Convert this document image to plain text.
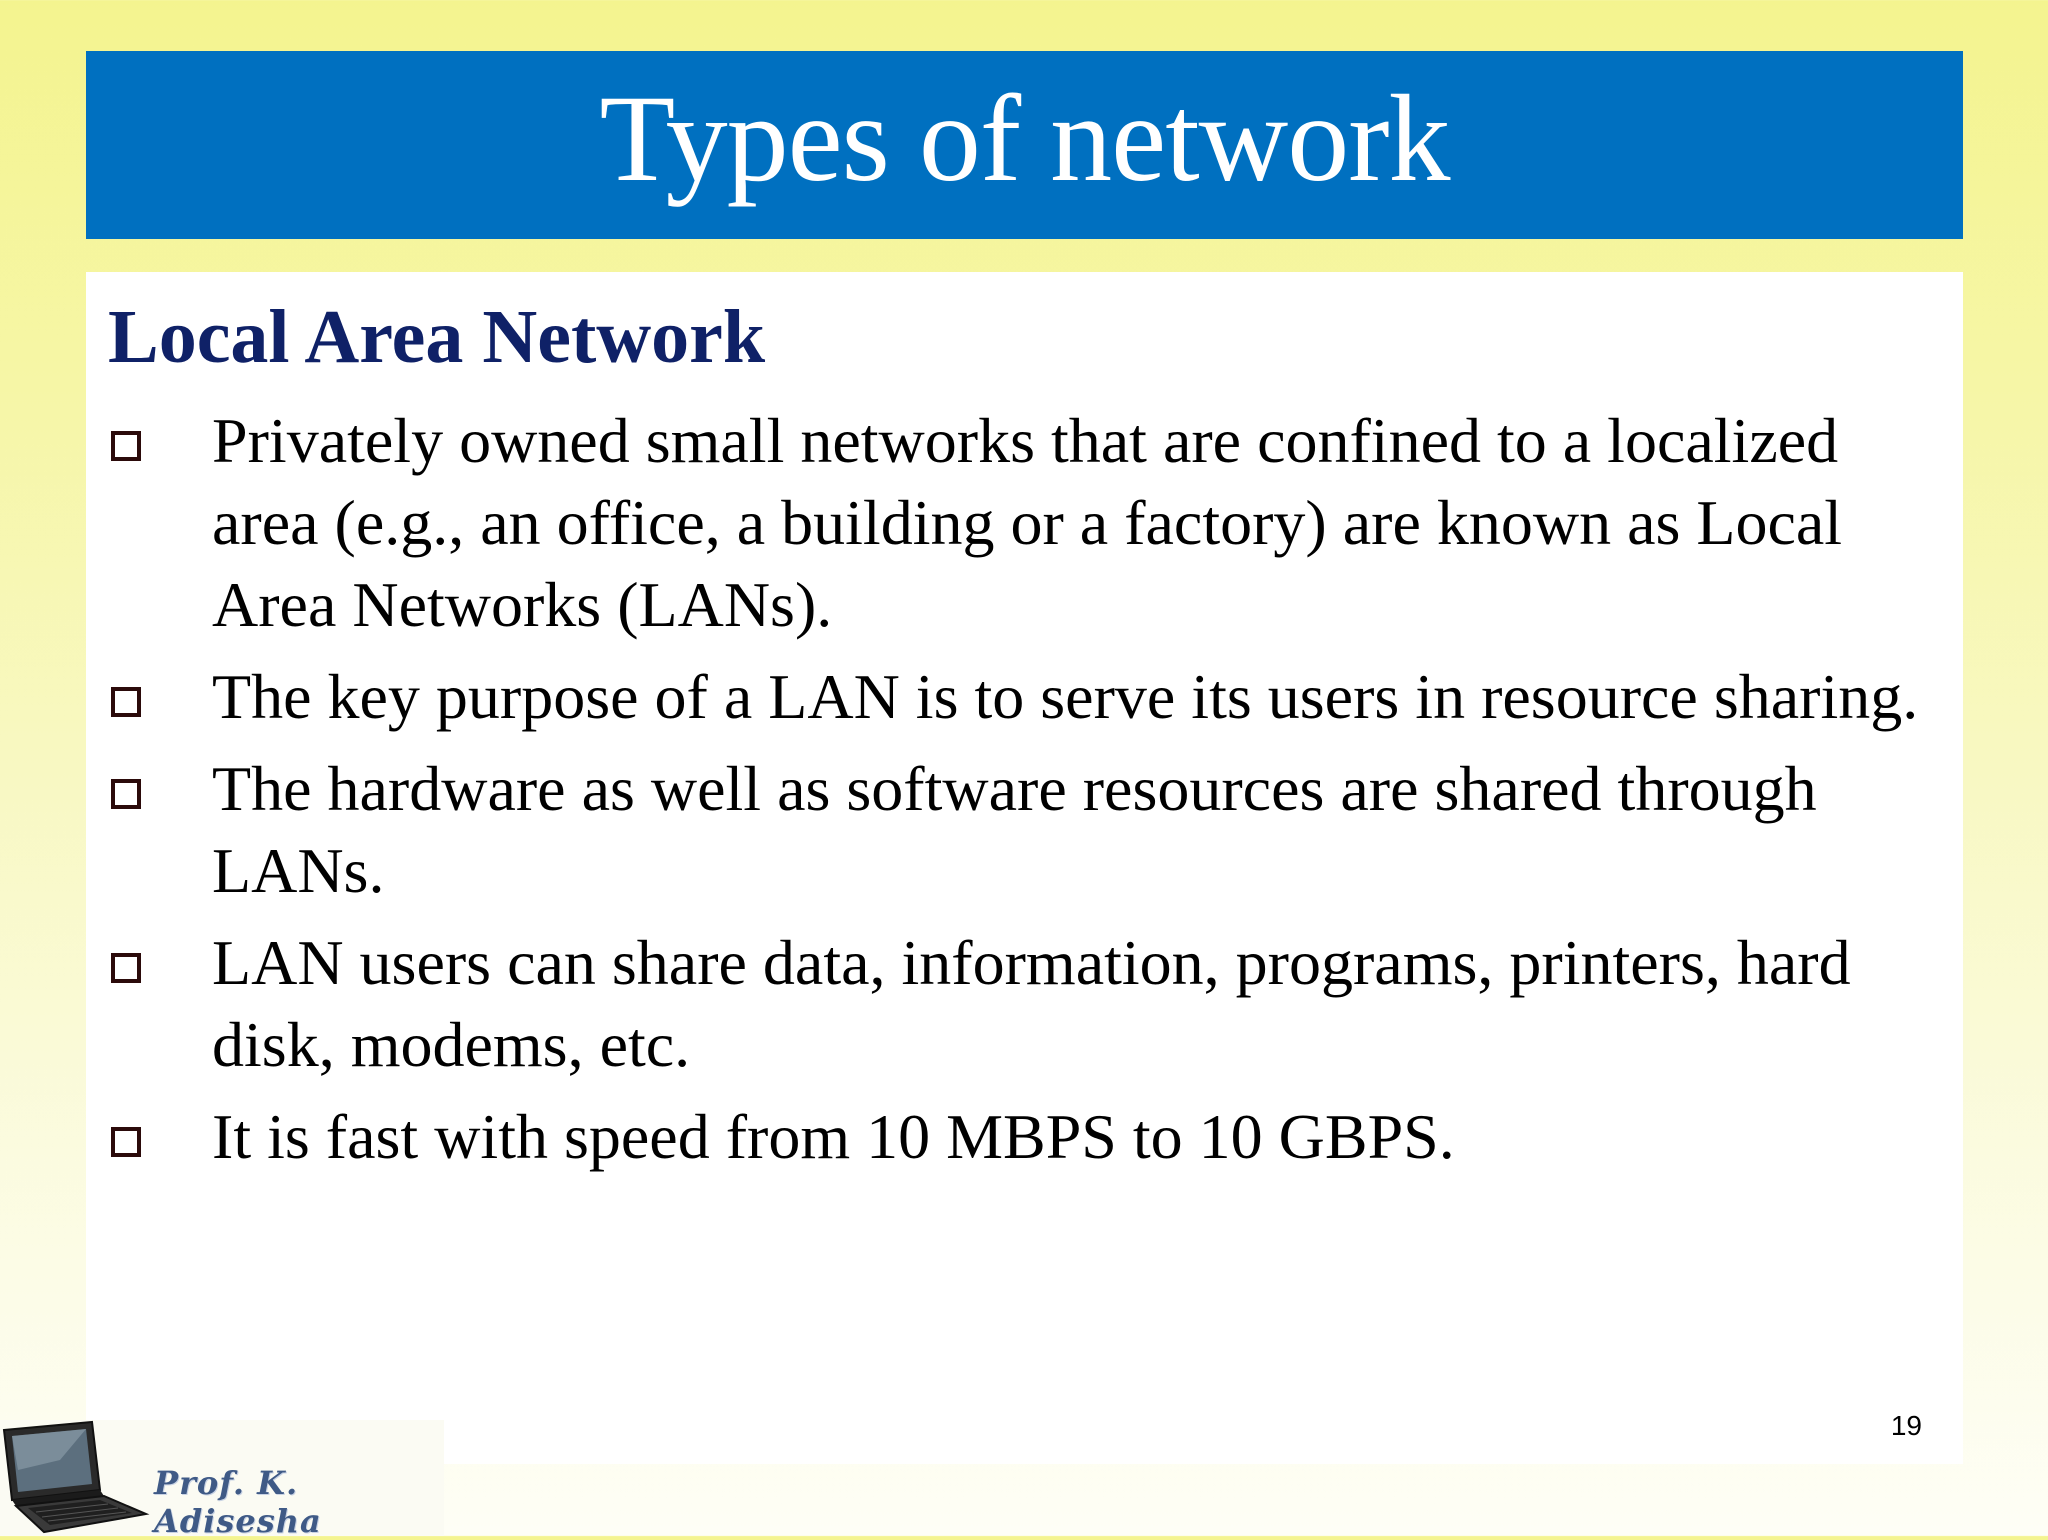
Types of network
Local Area Network
Privately owned small networks that are confined to a localized area (e.g., an office, a building or a factory) are known as Local Area Networks (LANs).
The key purpose of a LAN is to serve its users in resource sharing.
The hardware as well as software resources are shared through LANs.
LAN users can share data, information, programs, printers, hard disk, modems, etc.
It is fast with speed from 10 MBPS to 10 GBPS.
19
Prof. K. Adisesha
